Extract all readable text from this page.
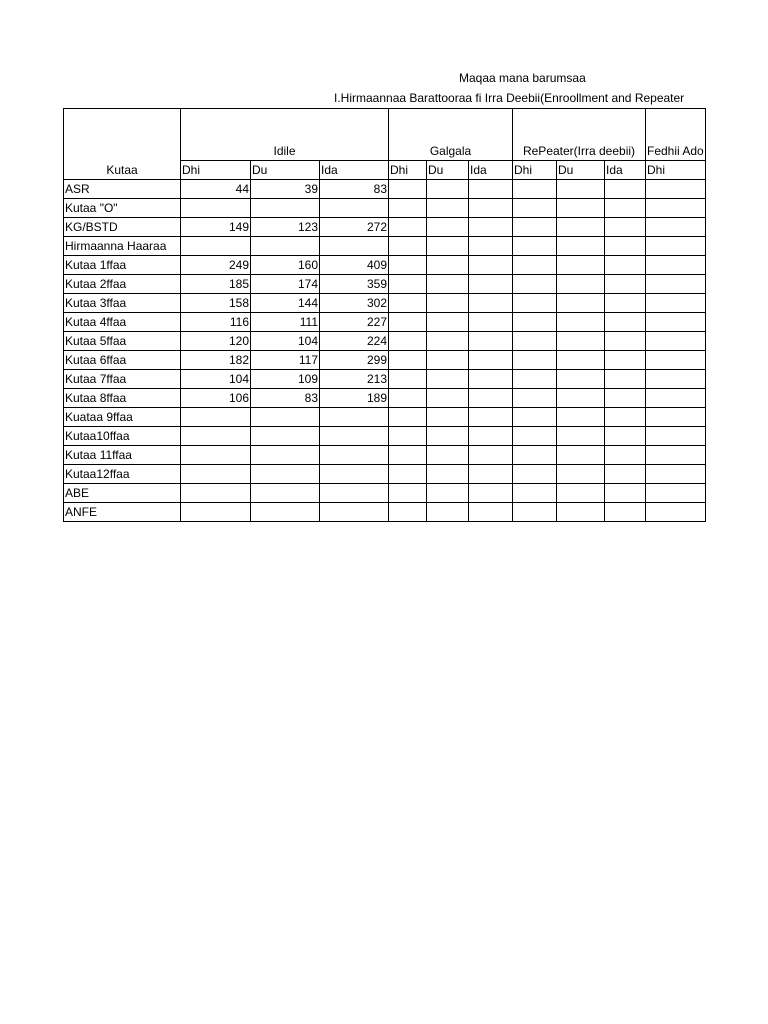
Maqaa mana barumsaa
I.Hirmaannaa Barattooraa fi Irra Deebii(Enroollment and Repeater

	Idile			Galgala			RePeater(Irra deebii)			Fedhii Ado
Kutaa	Dhi	Du	Ida	Dhi	Du	Ida	Dhi	Du	Ida	Dhi
ASR	44	39	83							
Kutaa "O"										
KG/BSTD	149	123	272							
Hirmaanna Haaraa										
Kutaa 1ffaa	249	160	409							
Kutaa 2ffaa	185	174	359							
Kutaa 3ffaa	158	144	302							
Kutaa 4ffaa	116	111	227							
Kutaa 5ffaa	120	104	224							
Kutaa 6ffaa	182	117	299							
Kutaa 7ffaa	104	109	213							
Kutaa 8ffaa	106	83	189							
Kuataa 9ffaa										
Kutaa10ffaa										
Kutaa 11ffaa										
Kutaa12ffaa										
ABE										
ANFE										
